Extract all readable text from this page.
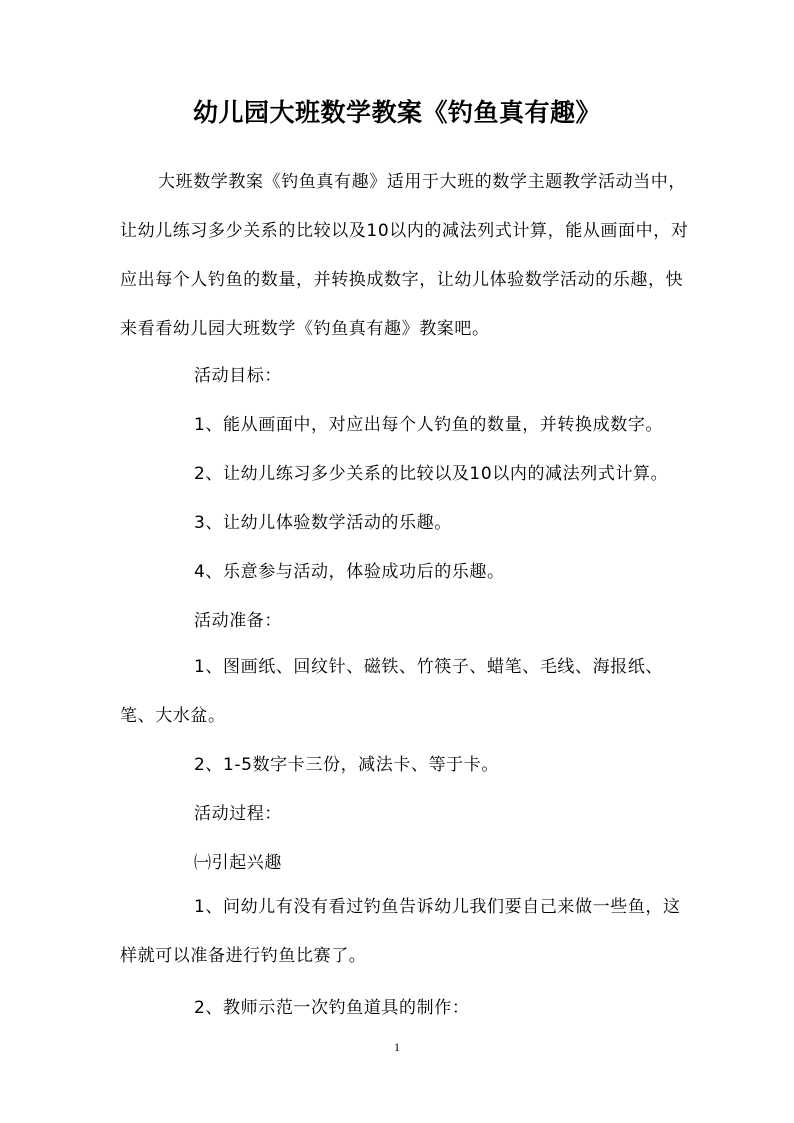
幼儿园大班数学教案《钓鱼真有趣》

大班数学教案《钓鱼真有趣》适用于大班的数学主题教学活动当中，让幼儿练习多少关系的比较以及10以内的减法列式计算，能从画面中，对应出每个人钓鱼的数量，并转换成数字，让幼儿体验数学活动的乐趣，快来看看幼儿园大班数学《钓鱼真有趣》教案吧。

活动目标：

1、能从画面中，对应出每个人钓鱼的数量，并转换成数字。

2、让幼儿练习多少关系的比较以及10以内的减法列式计算。

3、让幼儿体验数学活动的乐趣。

4、乐意参与活动，体验成功后的乐趣。

活动准备：

1、图画纸、回纹针、磁铁、竹筷子、蜡笔、毛线、海报纸、笔、大水盆。

2、1-5数字卡三份，减法卡、等于卡。

活动过程：

㈠引起兴趣

1、问幼儿有没有看过钓鱼告诉幼儿我们要自己来做一些鱼，这样就可以准备进行钓鱼比赛了。

2、教师示范一次钓鱼道具的制作：

1
